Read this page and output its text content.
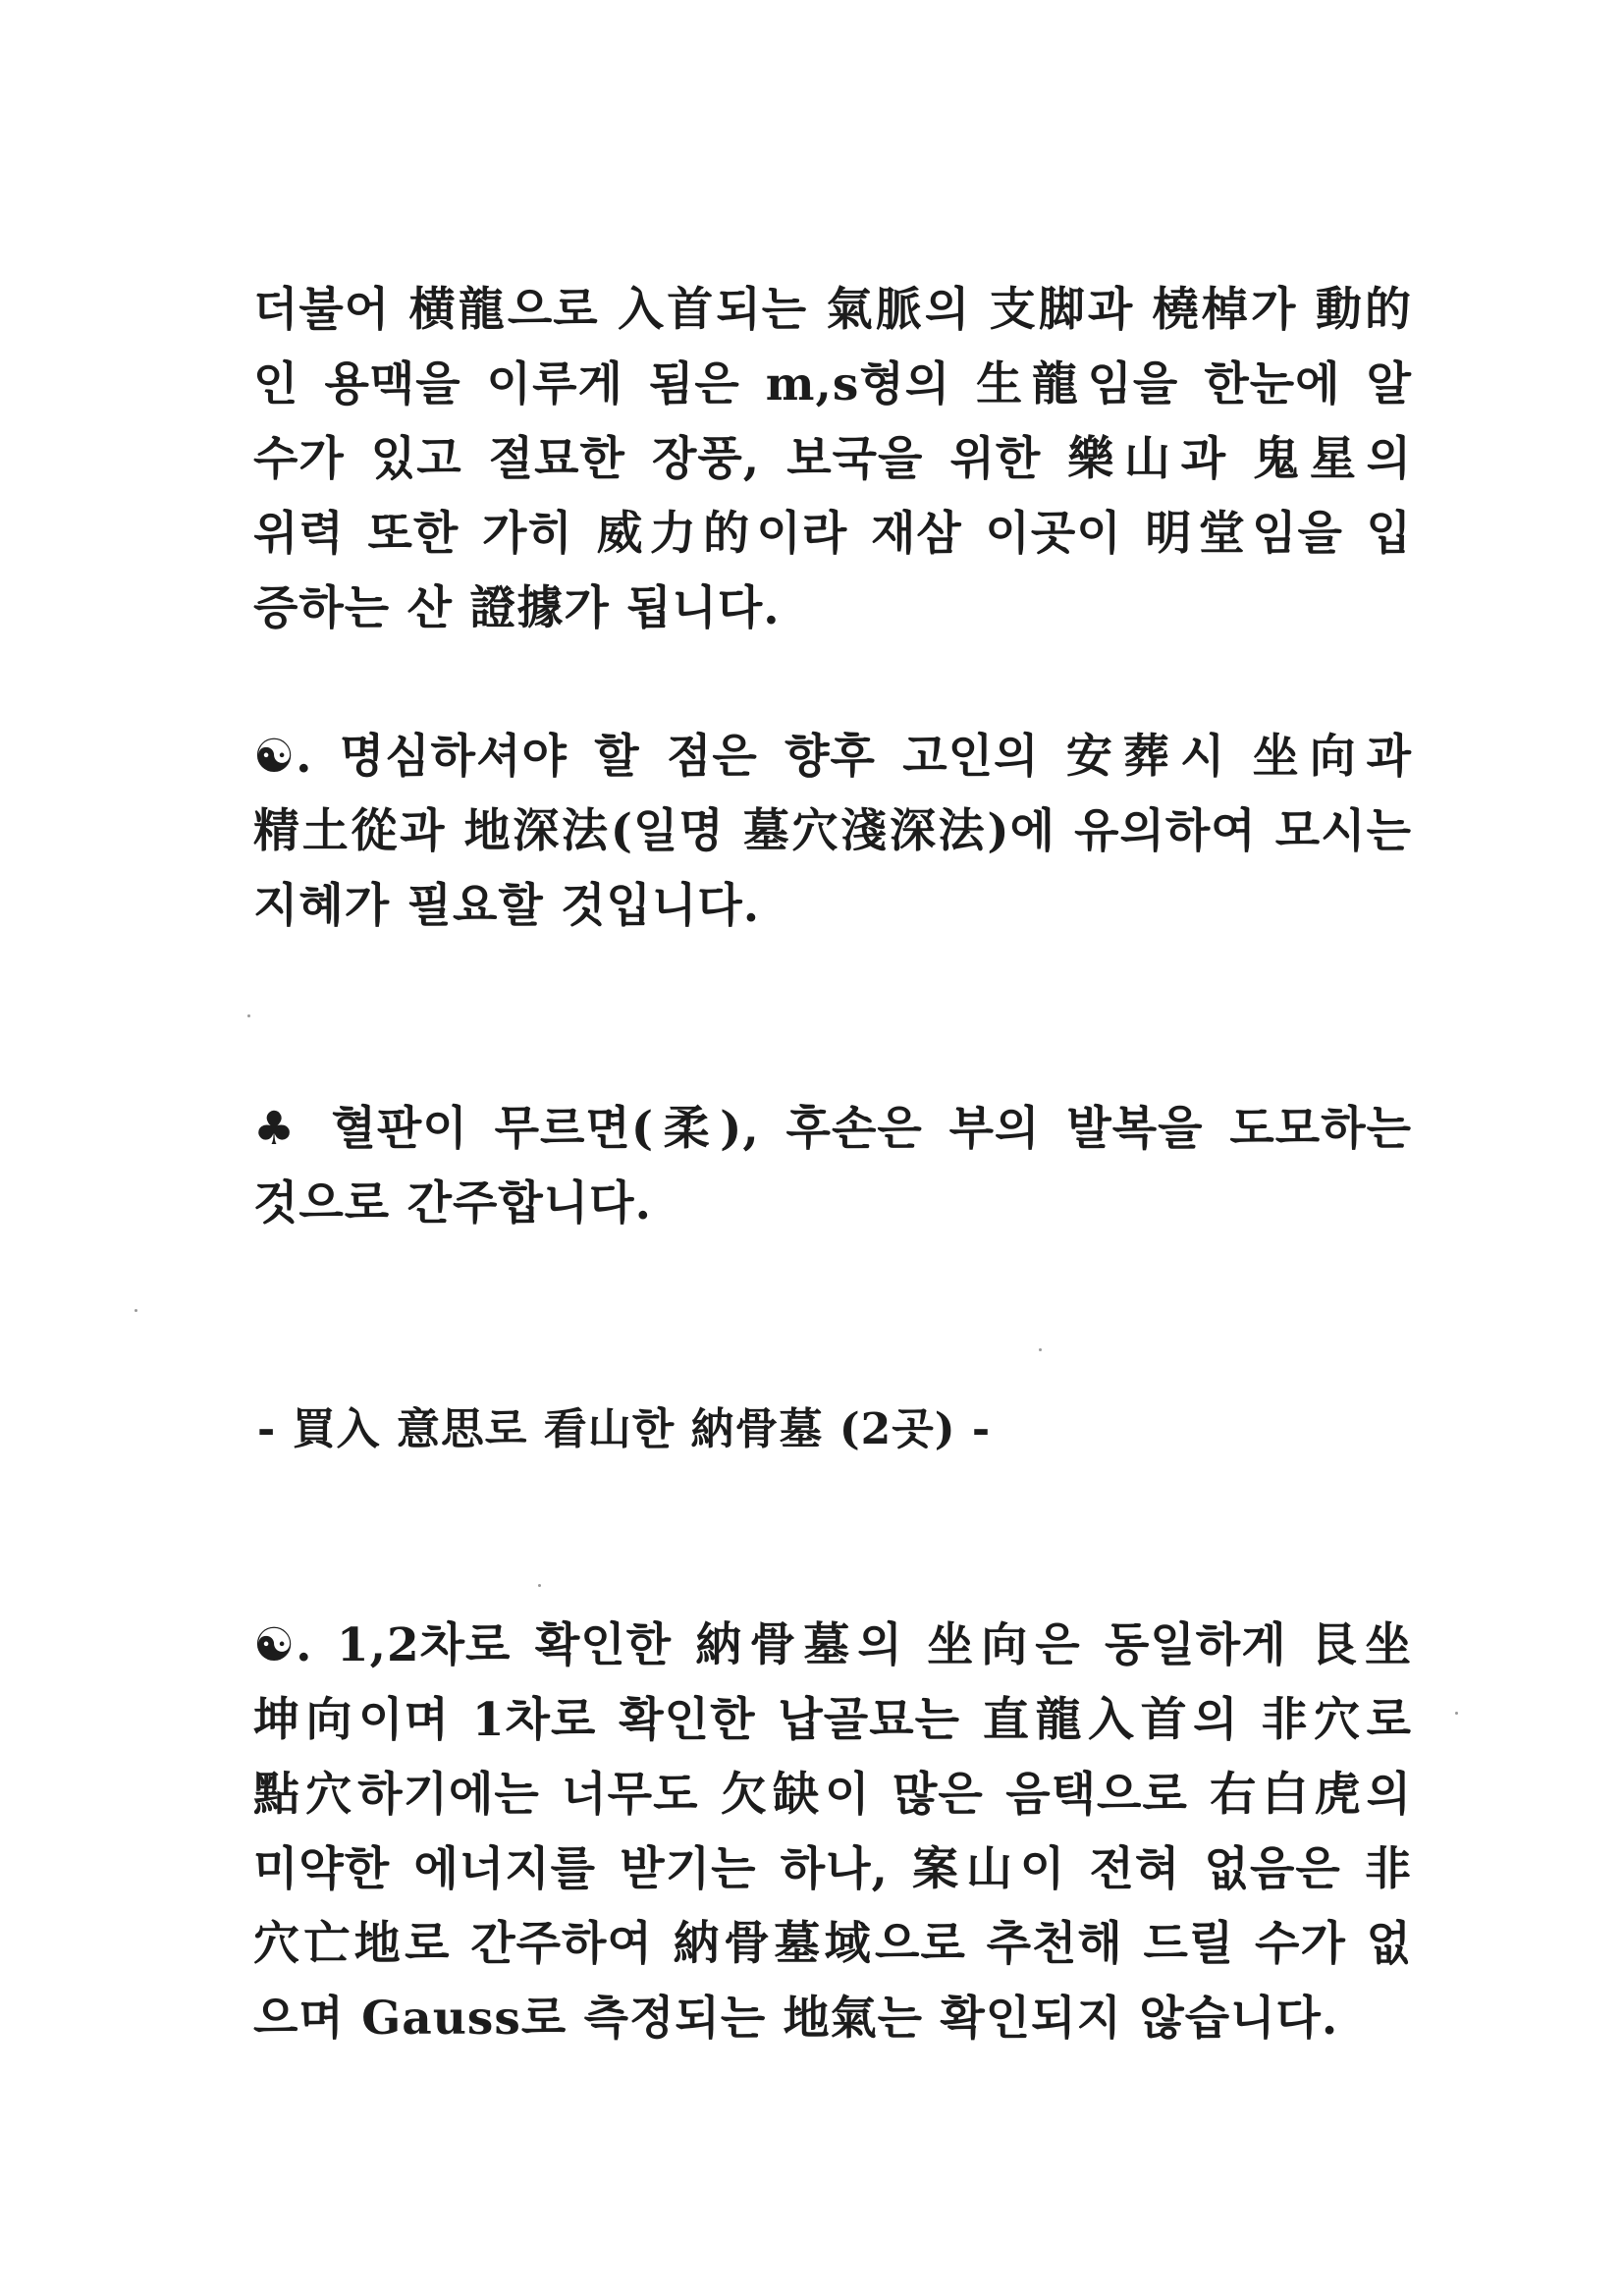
더불어 横龍으로 入首되는 氣脈의 支脚과 橈棹가 動的
인 용맥을 이루게 됨은 m,s형의 生龍임을 한눈에 알
수가 있고 절묘한 장풍, 보국을 위한 樂山과 鬼星의
위력 또한 가히 威力的이라 재삼 이곳이 明堂임을 입
증하는 산 證據가 됩니다.
☯. 명심하셔야 할 점은 향후 고인의 安葬시 坐向과
精土從과 地深法(일명 墓穴淺深法)에 유의하여 모시는
지혜가 필요할 것입니다.
♣ 혈판이 무르면(柔), 후손은 부의 발복을 도모하는
것으로 간주합니다.
- 買入 意思로 看山한 納骨墓 (2곳) -
☯. 1,2차로 확인한 納骨墓의 坐向은 동일하게 艮坐
坤向이며 1차로 확인한 납골묘는 直龍入首의 非穴로
點穴하기에는 너무도 欠缺이 많은 음택으로 右白虎의
미약한 에너지를 받기는 하나, 案山이 전혀 없음은 非
穴亡地로 간주하여 納骨墓域으로 추천해 드릴 수가 없
으며 Gauss로 측정되는 地氣는 확인되지 않습니다.
